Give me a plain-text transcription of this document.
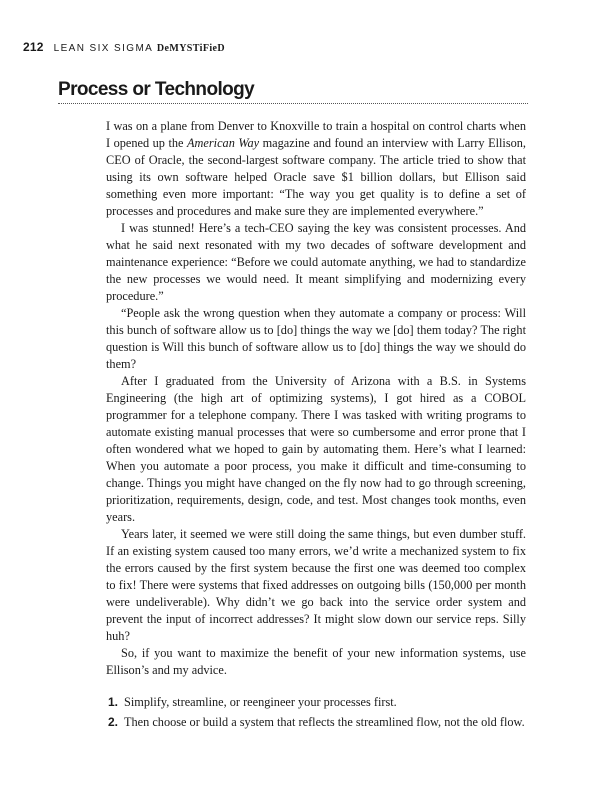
212 LEAN SIX SIGMA DeMYSTiFieD
Process or Technology

I was on a plane from Denver to Knoxville to train a hospital on control charts when I opened up the American Way magazine and found an interview with Larry Ellison, CEO of Oracle, the second-largest software company. The article tried to show that using its own software helped Oracle save $1 billion dollars, but Ellison said something even more important: “The way you get quality is to define a set of processes and procedures and make sure they are implemented everywhere.”

I was stunned! Here’s a tech-CEO saying the key was consistent processes. And what he said next resonated with my two decades of software development and maintenance experience: “Before we could automate anything, we had to standardize the new processes we would need. It meant simplifying and modernizing every procedure.”

“People ask the wrong question when they automate a company or process: Will this bunch of software allow us to [do] things the way we [do] them today? The right question is Will this bunch of software allow us to [do] things the way we should do them?

After I graduated from the University of Arizona with a B.S. in Systems Engineering (the high art of optimizing systems), I got hired as a COBOL programmer for a telephone company. There I was tasked with writing programs to automate existing manual processes that were so cumbersome and error prone that I often wondered what we hoped to gain by automating them. Here’s what I learned: When you automate a poor process, you make it difficult and time-consuming to change. Things you might have changed on the fly now had to go through screening, prioritization, requirements, design, code, and test. Most changes took months, even years.

Years later, it seemed we were still doing the same things, but even dumber stuff. If an existing system caused too many errors, we’d write a mechanized system to fix the errors caused by the first system because the first one was deemed too complex to fix! There were systems that fixed addresses on outgoing bills (150,000 per month were undeliverable). Why didn’t we go back into the service order system and prevent the input of incorrect addresses? It might slow down our service reps. Silly huh?

So, if you want to maximize the benefit of your new information systems, use Ellison’s and my advice.

1. Simplify, streamline, or reengineer your processes first.
2. Then choose or build a system that reflects the streamlined flow, not the old flow.
